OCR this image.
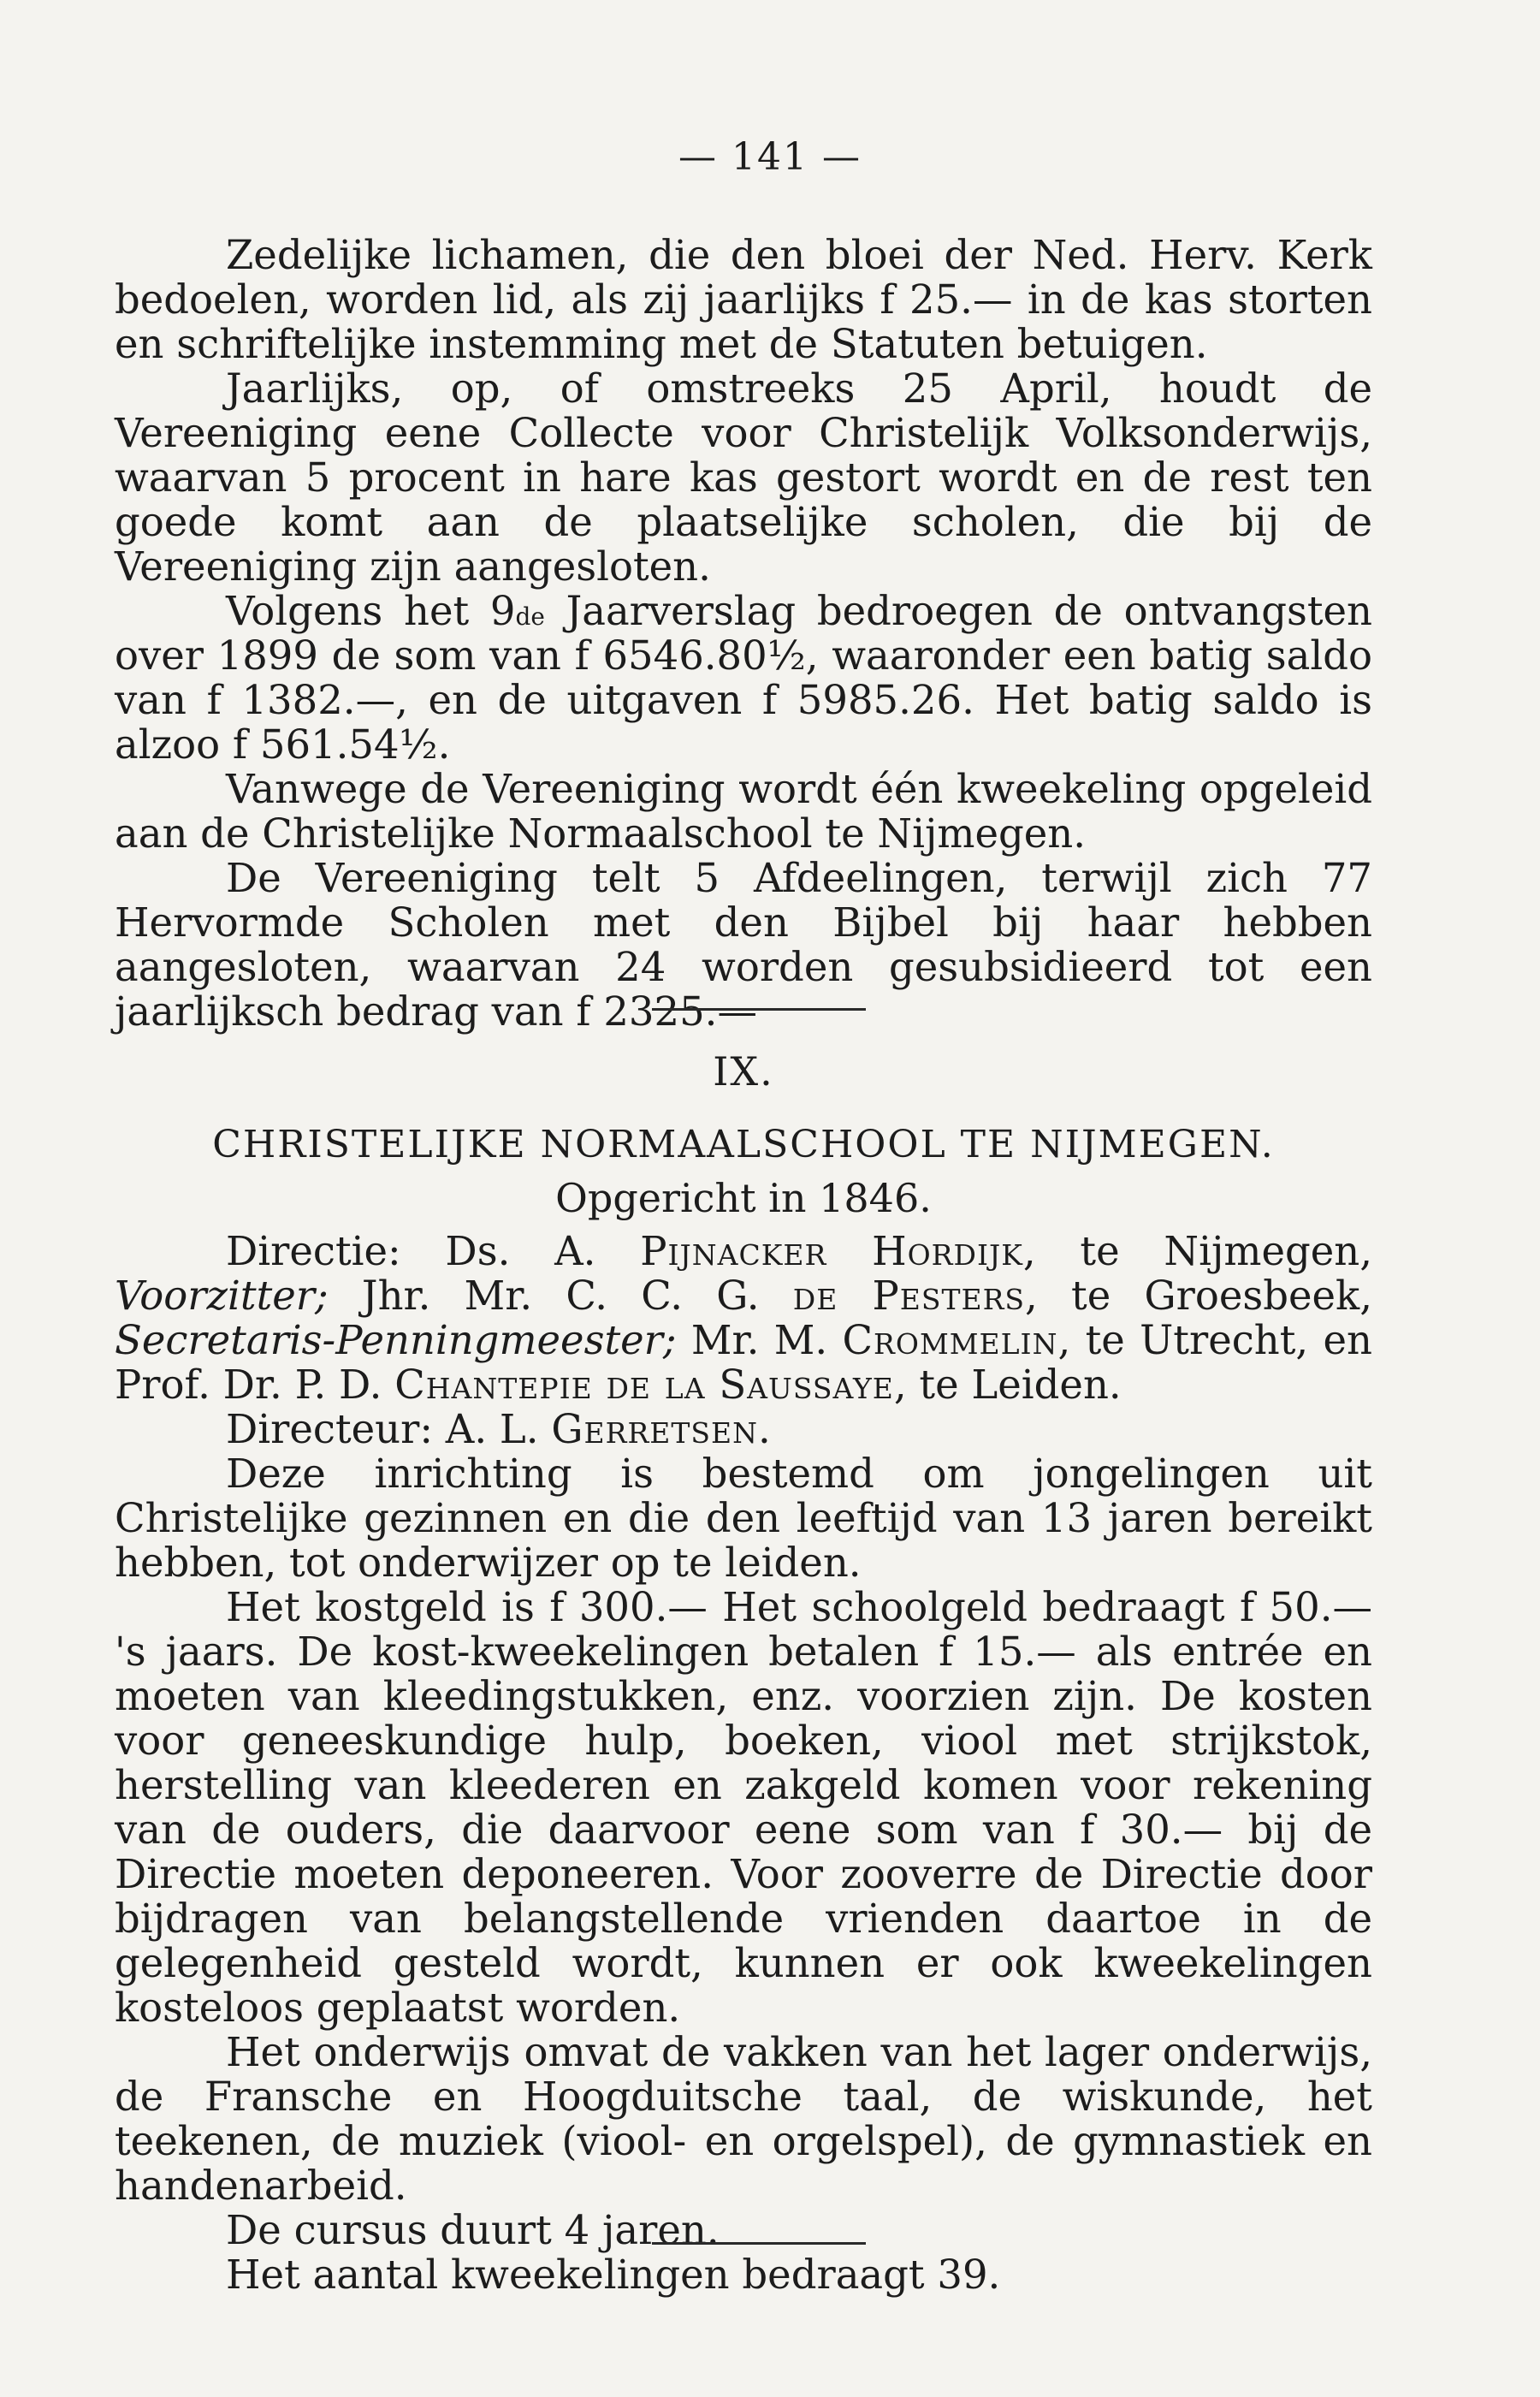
— 141 —

Zedelijke lichamen, die den bloei der Ned. Herv. Kerk bedoelen, worden lid, als zij jaarlijks f 25.— in de kas storten en schriftelijke instemming met de Statuten betuigen.

Jaarlijks, op, of omstreeks 25 April, houdt de Vereeniging eene Collecte voor Christelijk Volksonderwijs, waarvan 5 procent in hare kas gestort wordt en de rest ten goede komt aan de plaatselijke scholen, die bij de Vereeniging zijn aangesloten.

Volgens het 9de Jaarverslag bedroegen de ontvangsten over 1899 de som van f 6546.80½, waaronder een batig saldo van f 1382.—, en de uitgaven f 5985.26. Het batig saldo is alzoo f 561.54½.

Vanwege de Vereeniging wordt één kweekeling opgeleid aan de Christelijke Normaalschool te Nijmegen.

De Vereeniging telt 5 Afdeelingen, terwijl zich 77 Hervormde Scholen met den Bijbel bij haar hebben aangesloten, waarvan 24 worden gesubsidieerd tot een jaarlijksch bedrag van f 2325.—

IX.

CHRISTELIJKE NORMAALSCHOOL TE NIJMEGEN.

Opgericht in 1846.

Directie: Ds. A. Pijnacker Hordijk, te Nijmegen, Voorzitter; Jhr. Mr. C. C. G. de Pesters, te Groesbeek, Secretaris-Penningmeester; Mr. M. Crommelin, te Utrecht, en Prof. Dr. P. D. Chantepie de la Saussaye, te Leiden.

Directeur: A. L. Gerretsen.

Deze inrichting is bestemd om jongelingen uit Christelijke gezinnen en die den leeftijd van 13 jaren bereikt hebben, tot onderwijzer op te leiden.

Het kostgeld is f 300.— Het schoolgeld bedraagt f 50.— 's jaars. De kost-kweekelingen betalen f 15.— als entrée en moeten van kleedingstukken, enz. voorzien zijn. De kosten voor geneeskundige hulp, boeken, viool met strijkstok, herstelling van kleederen en zakgeld komen voor rekening van de ouders, die daarvoor eene som van f 30.— bij de Directie moeten deponeeren. Voor zooverre de Directie door bijdragen van belangstellende vrienden daartoe in de gelegenheid gesteld wordt, kunnen er ook kweekelingen kosteloos geplaatst worden.

Het onderwijs omvat de vakken van het lager onderwijs, de Fransche en Hoogduitsche taal, de wiskunde, het teekenen, de muziek (viool- en orgelspel), de gymnastiek en handenarbeid.

De cursus duurt 4 jaren.

Het aantal kweekelingen bedraagt 39.
